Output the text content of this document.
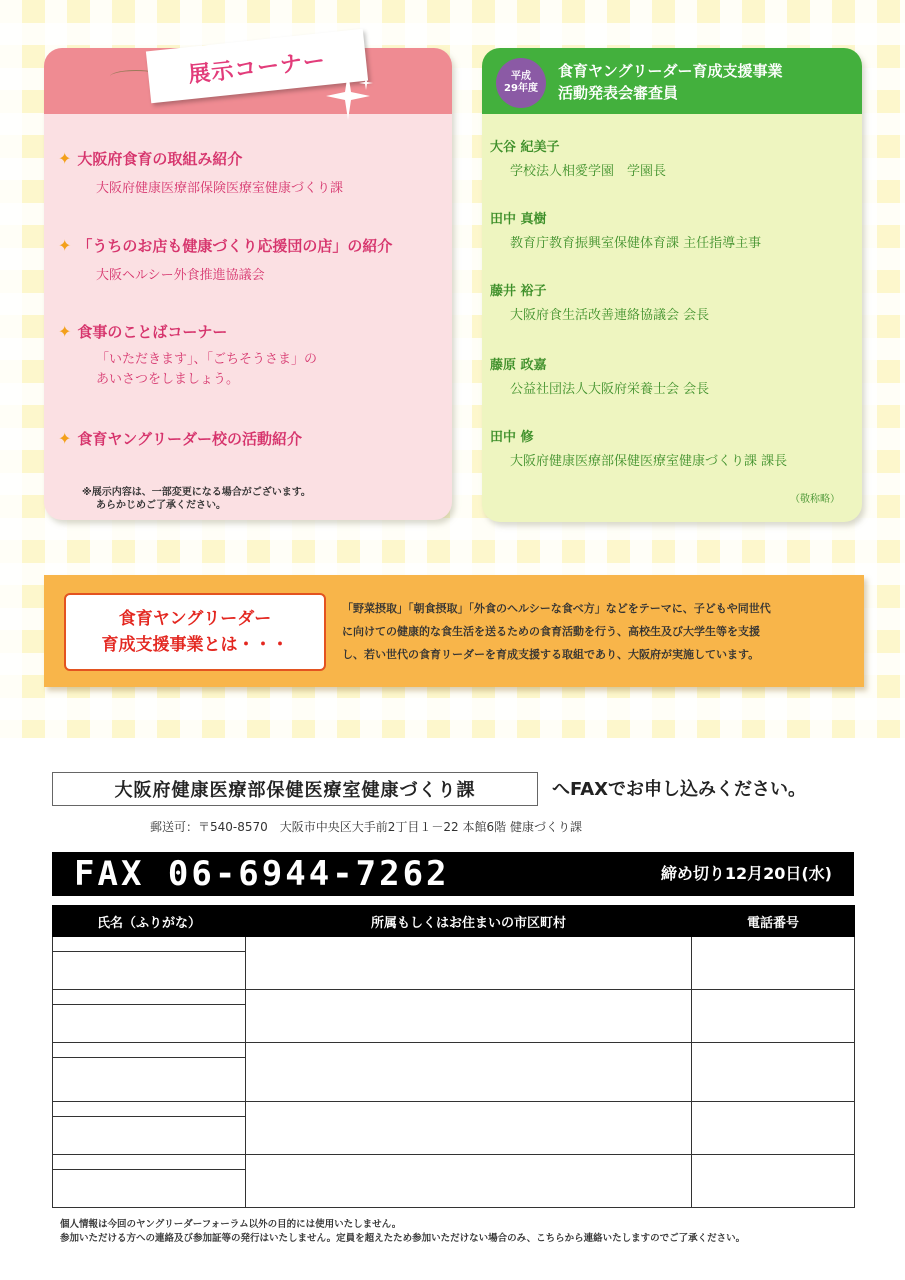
展示コーナー
✦ 大阪府食育の取組み紹介
大阪府健康医療部保険医療室健康づくり課
✦ 「うちのお店も健康づくり応援団の店」の紹介
大阪ヘルシー外食推進協議会
✦ 食事のことばコーナー
「いただきます」、「ごちそうさま」の
あいさつをしましょう。
✦ 食育ヤングリーダー校の活動紹介
※展示内容は、一部変更になる場合がございます。
あらかじめご了承ください。
平成
29年度
食育ヤングリーダー育成支援事業
活動発表会審査員
大谷 紀美子
学校法人相愛学園　学園長
田中 真樹
教育庁教育振興室保健体育課 主任指導主事
藤井 裕子
大阪府食生活改善連絡協議会 会長
藤原 政嘉
公益社団法人大阪府栄養士会 会長
田中 修
大阪府健康医療部保健医療室健康づくり課 課長
（敬称略）
食育ヤングリーダー
育成支援事業とは・・・
「野菜摂取」「朝食摂取」「外食のヘルシーな食べ方」などをテーマに、子どもや同世代
に向けての健康的な食生活を送るための食育活動を行う、高校生及び大学生等を支援
し、若い世代の食育リーダーを育成支援する取組であり、大阪府が実施しています。
大阪府健康医療部保健医療室健康づくり課	へFAXでお申し込みください。
郵送可：〒540-8570　大阪市中央区大手前2丁目１－22 本館6階 健康づくり課
FAX 06-6944-7262	締め切り12月20日(水)
氏名（ふりがな）	所属もしくはお住まいの市区町村	電話番号

個人情報は今回のヤングリーダーフォーラム以外の目的には使用いたしません。
参加いただける方への連絡及び参加証等の発行はいたしません。定員を超えたため参加いただけない場合のみ、こちらから連絡いたしますのでご了承ください。
